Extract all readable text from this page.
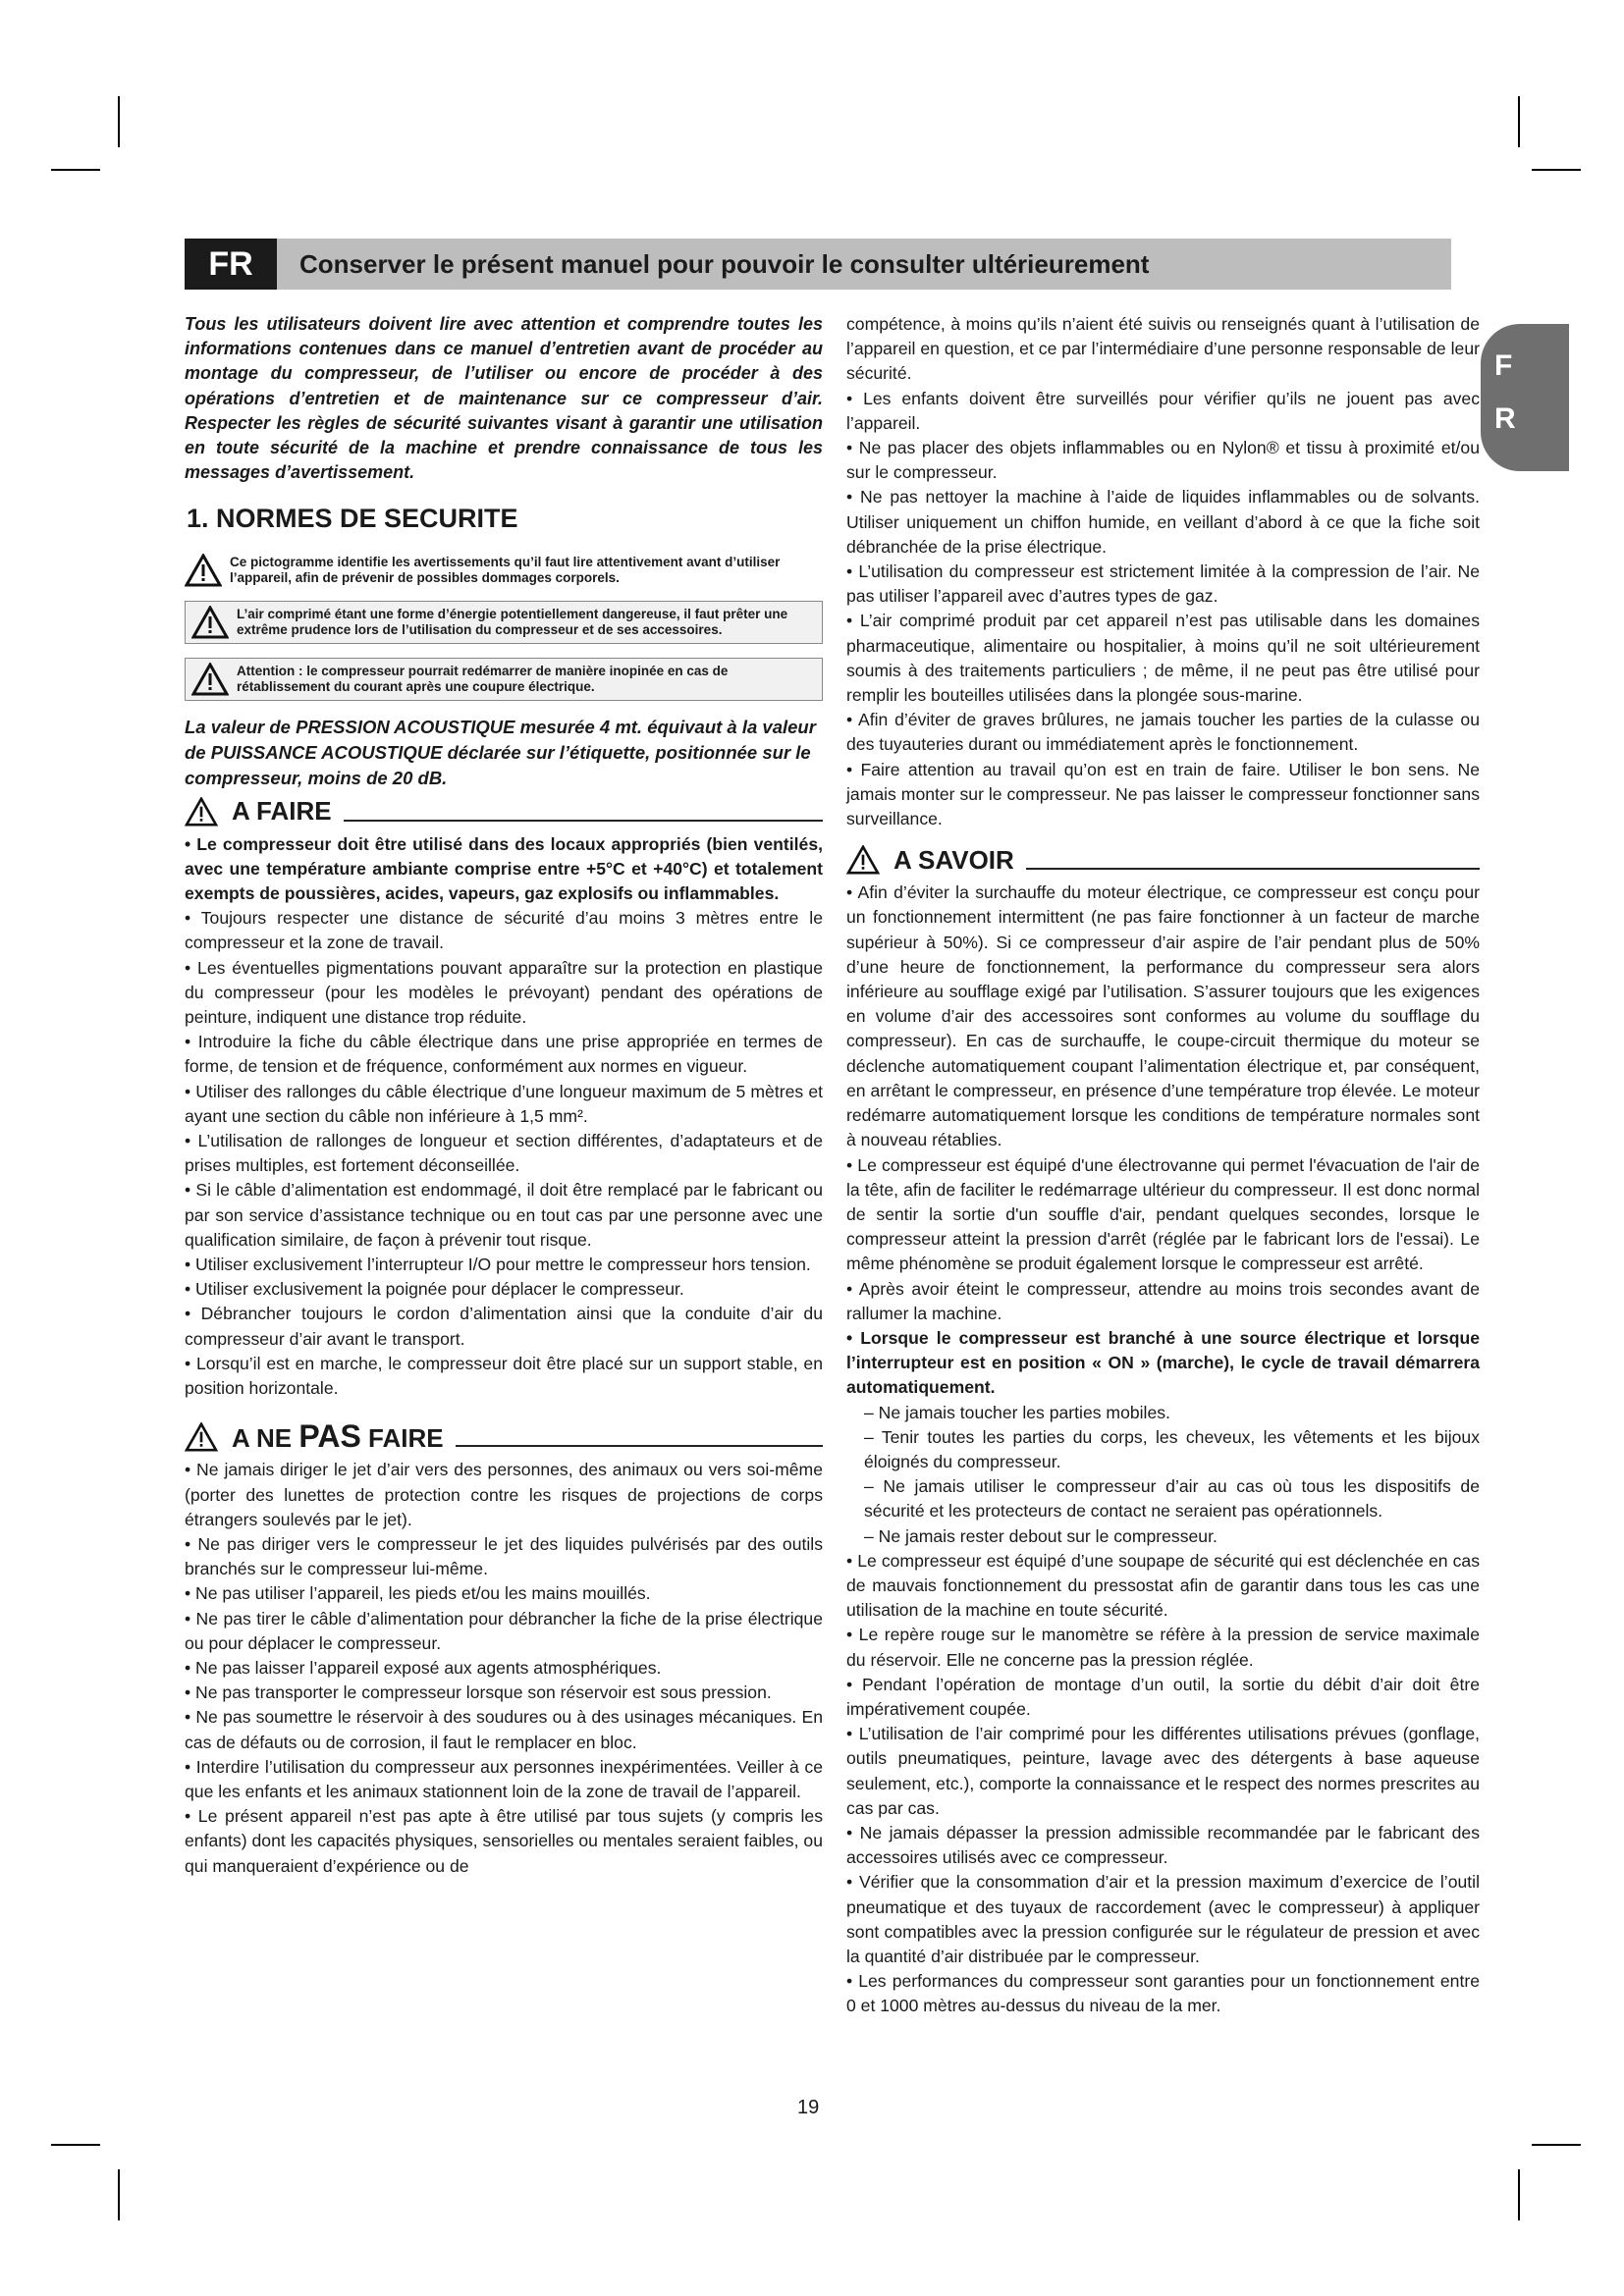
FR	Conserver le présent manuel pour pouvoir le consulter ultérieurement
F
R

Tous les utilisateurs doivent lire avec attention et comprendre toutes les informations contenues dans ce manuel d’entretien avant de procéder au montage du compresseur, de l’utiliser ou encore de procéder à des opérations d’entretien et de maintenance sur ce compresseur d’air. Respecter les règles de sécurité suivantes visant à garantir une utilisation en toute sécurité de la machine et prendre connaissance de tous les messages d’avertissement.

1. NORMES DE SECURITE
Ce pictogramme identifie les avertissements qu’il faut lire attentivement avant d’utiliser l’appareil, afin de prévenir de possibles dommages corporels.
L’air comprimé étant une forme d’énergie potentiellement dangereuse, il faut prêter une extrême prudence lors de l’utilisation du compresseur et de ses accessoires.
Attention : le compresseur pourrait redémarrer de manière inopinée en cas de rétablissement du courant après une coupure électrique.

La valeur de PRESSION ACOUSTIQUE mesurée 4 mt. équivaut à la valeur de PUISSANCE ACOUSTIQUE déclarée sur l’étiquette, positionnée sur le compresseur, moins de 20 dB.

A FAIRE

• Le compresseur doit être utilisé dans des locaux appropriés (bien ventilés, avec une température ambiante comprise entre +5°C et +40°C) et totalement exempts de poussières, acides, vapeurs, gaz explosifs ou inflammables.

• Toujours respecter une distance de sécurité d’au moins 3 mètres entre le compresseur et la zone de travail.

• Les éventuelles pigmentations pouvant apparaître sur la protection en plastique du compresseur (pour les modèles le prévoyant) pendant des opérations de peinture, indiquent une distance trop réduite.

• Introduire la fiche du câble électrique dans une prise appropriée en termes de forme, de tension et de fréquence, conformément aux normes en vigueur.

• Utiliser des rallonges du câble électrique d’une longueur maximum de 5 mètres et ayant une section du câble non inférieure à 1,5 mm².

• L’utilisation de rallonges de longueur et section différentes, d’adaptateurs et de prises multiples, est fortement déconseillée.

• Si le câble d’alimentation est endommagé, il doit être remplacé par le fabricant ou par son service d’assistance technique ou en tout cas par une personne avec une qualification similaire, de façon à prévenir tout risque.

• Utiliser exclusivement l’interrupteur I/O pour mettre le compresseur hors tension.

• Utiliser exclusivement la poignée pour déplacer le compresseur.

• Débrancher toujours le cordon d’alimentation ainsi que la conduite d’air du compresseur d’air avant le transport.

• Lorsqu’il est en marche, le compresseur doit être placé sur un support stable, en position horizontale.

A NE PAS FAIRE

• Ne jamais diriger le jet d’air vers des personnes, des animaux ou vers soi-même (porter des lunettes de protection contre les risques de projections de corps étrangers soulevés par le jet).

• Ne pas diriger vers le compresseur le jet des liquides pulvérisés par des outils branchés sur le compresseur lui-même.

• Ne pas utiliser l’appareil, les pieds et/ou les mains mouillés.

• Ne pas tirer le câble d’alimentation pour débrancher la fiche de la prise électrique ou pour déplacer le compresseur.

• Ne pas laisser l’appareil exposé aux agents atmosphériques.

• Ne pas transporter le compresseur lorsque son réservoir est sous pression.

• Ne pas soumettre le réservoir à des soudures ou à des usinages mécaniques. En cas de défauts ou de corrosion, il faut le remplacer en bloc.

• Interdire l’utilisation du compresseur aux personnes inexpérimentées. Veiller à ce que les enfants et les animaux stationnent loin de la zone de travail de l’appareil.

• Le présent appareil n’est pas apte à être utilisé par tous sujets (y compris les enfants) dont les capacités physiques, sensorielles ou mentales seraient faibles, ou qui manqueraient d’expérience ou de

compétence, à moins qu’ils n’aient été suivis ou renseignés quant à l’utilisation de l’appareil en question, et ce par l’intermédiaire d’une personne responsable de leur sécurité.

• Les enfants doivent être surveillés pour vérifier qu’ils ne jouent pas avec l’appareil.

• Ne pas placer des objets inflammables ou en Nylon® et tissu à proximité et/ou sur le compresseur.

• Ne pas nettoyer la machine à l’aide de liquides inflammables ou de solvants. Utiliser uniquement un chiffon humide, en veillant d’abord à ce que la fiche soit débranchée de la prise électrique.

• L’utilisation du compresseur est strictement limitée à la compression de l’air. Ne pas utiliser l’appareil avec d’autres types de gaz.

• L’air comprimé produit par cet appareil n’est pas utilisable dans les domaines pharmaceutique, alimentaire ou hospitalier, à moins qu’il ne soit ultérieurement soumis à des traitements particuliers ; de même, il ne peut pas être utilisé pour remplir les bouteilles utilisées dans la plongée sous-marine.

• Afin d’éviter de graves brûlures, ne jamais toucher les parties de la culasse ou des tuyauteries durant ou immédiatement après le fonctionnement.

• Faire attention au travail qu’on est en train de faire. Utiliser le bon sens. Ne jamais monter sur le compresseur. Ne pas laisser le compresseur fonctionner sans surveillance.

A SAVOIR

• Afin d’éviter la surchauffe du moteur électrique, ce compresseur est conçu pour un fonctionnement intermittent (ne pas faire fonctionner à un facteur de marche supérieur à 50%). Si ce compresseur d’air aspire de l’air pendant plus de 50% d’une heure de fonctionnement, la performance du compresseur sera alors inférieure au soufflage exigé par l’utilisation. S’assurer toujours que les exigences en volume d’air des accessoires sont conformes au volume du soufflage du compresseur). En cas de surchauffe, le coupe-circuit thermique du moteur se déclenche automatiquement coupant l’alimentation électrique et, par conséquent, en arrêtant le compresseur, en présence d’une température trop élevée. Le moteur redémarre automatiquement lorsque les conditions de température normales sont à nouveau rétablies.

• Le compresseur est équipé d'une électrovanne qui permet l'évacuation de l'air de la tête, afin de faciliter le redémarrage ultérieur du compresseur. Il est donc normal de sentir la sortie d'un souffle d'air, pendant quelques secondes, lorsque le compresseur atteint la pression d'arrêt (réglée par le fabricant lors de l'essai). Le même phénomène se produit également lorsque le compresseur est arrêté.

• Après avoir éteint le compresseur, attendre au moins trois secondes avant de rallumer la machine.

• Lorsque le compresseur est branché à une source électrique et lorsque l’interrupteur est en position « ON » (marche), le cycle de travail démarrera automatiquement.

– Ne jamais toucher les parties mobiles.

– Tenir toutes les parties du corps, les cheveux, les vêtements et les bijoux éloignés du compresseur.

– Ne jamais utiliser le compresseur d’air au cas où tous les dispositifs de sécurité et les protecteurs de contact ne seraient pas opérationnels.

– Ne jamais rester debout sur le compresseur.

• Le compresseur est équipé d’une soupape de sécurité qui est déclenchée en cas de mauvais fonctionnement du pressostat afin de garantir dans tous les cas une utilisation de la machine en toute sécurité.

• Le repère rouge sur le manomètre se réfère à la pression de service maximale du réservoir. Elle ne concerne pas la pression réglée.

• Pendant l’opération de montage d’un outil, la sortie du débit d’air doit être impérativement coupée.

• L’utilisation de l’air comprimé pour les différentes utilisations prévues (gonflage, outils pneumatiques, peinture, lavage avec des détergents à base aqueuse seulement, etc.), comporte la connaissance et le respect des normes prescrites au cas par cas.

• Ne jamais dépasser la pression admissible recommandée par le fabricant des accessoires utilisés avec ce compresseur.

• Vérifier que la consommation d’air et la pression maximum d’exercice de l’outil pneumatique et des tuyaux de raccordement (avec le compresseur) à appliquer sont compatibles avec la pression configurée sur le régulateur de pression et avec la quantité d’air distribuée par le compresseur.

• Les performances du compresseur sont garanties pour un fonctionnement entre 0 et 1000 mètres au-dessus du niveau de la mer.

19
